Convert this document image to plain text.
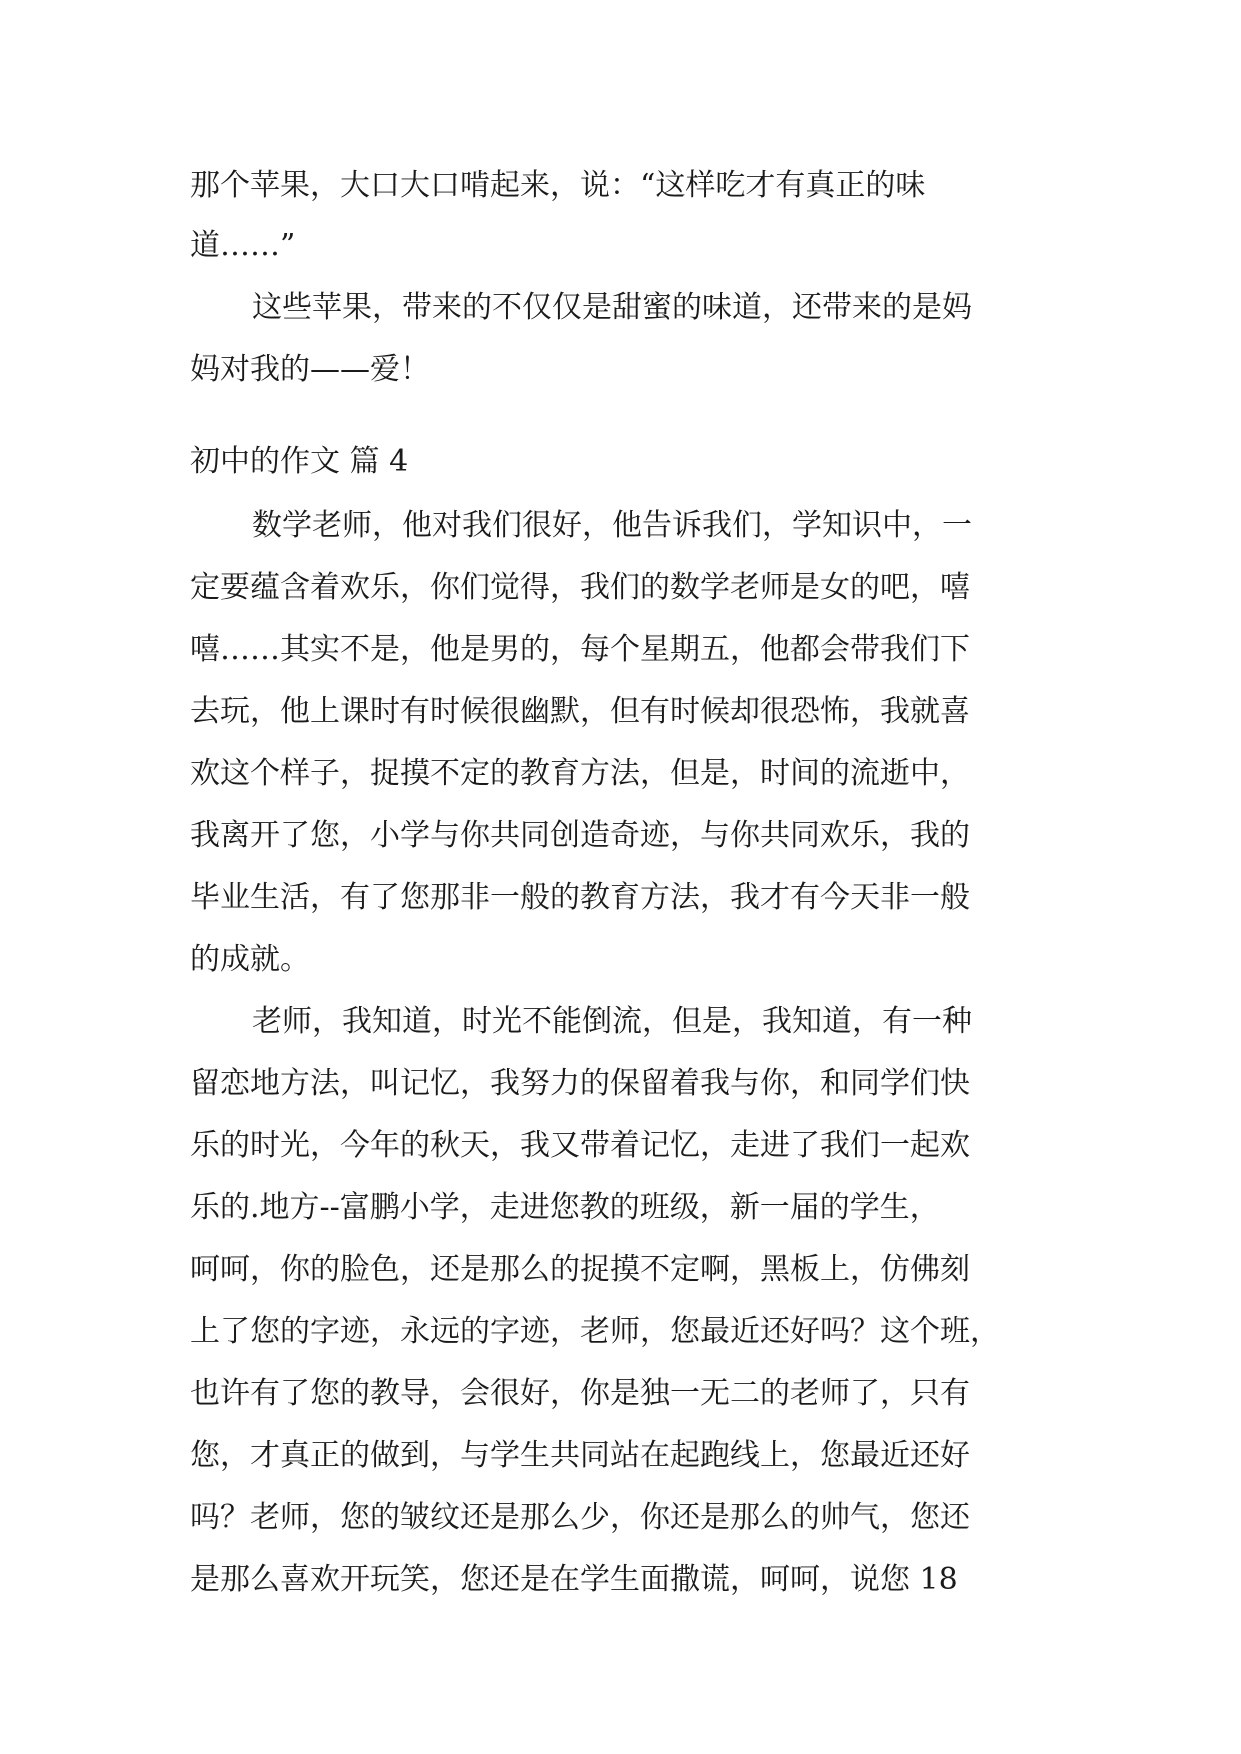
那个苹果，大口大口啃起来，说：“这样吃才有真正的味
道……”
这些苹果，带来的不仅仅是甜蜜的味道，还带来的是妈
妈对我的——爱！
初中的作文 篇 4
数学老师，他对我们很好，他告诉我们，学知识中，一
定要蕴含着欢乐，你们觉得，我们的数学老师是女的吧，嘻
嘻……其实不是，他是男的，每个星期五，他都会带我们下
去玩，他上课时有时候很幽默，但有时候却很恐怖，我就喜
欢这个样子，捉摸不定的教育方法，但是，时间的流逝中，
我离开了您，小学与你共同创造奇迹，与你共同欢乐，我的
毕业生活，有了您那非一般的教育方法，我才有今天非一般
的成就。
老师，我知道，时光不能倒流，但是，我知道，有一种
留恋地方法，叫记忆，我努力的保留着我与你，和同学们快
乐的时光，今年的秋天，我又带着记忆，走进了我们一起欢
乐的.地方--富鹏小学，走进您教的班级，新一届的学生，
呵呵，你的脸色，还是那么的捉摸不定啊，黑板上，仿佛刻
上了您的字迹，永远的字迹，老师，您最近还好吗？这个班，
也许有了您的教导，会很好，你是独一无二的老师了，只有
您，才真正的做到，与学生共同站在起跑线上，您最近还好
吗？老师，您的皱纹还是那么少，你还是那么的帅气，您还
是那么喜欢开玩笑，您还是在学生面撒谎，呵呵，说您 18
